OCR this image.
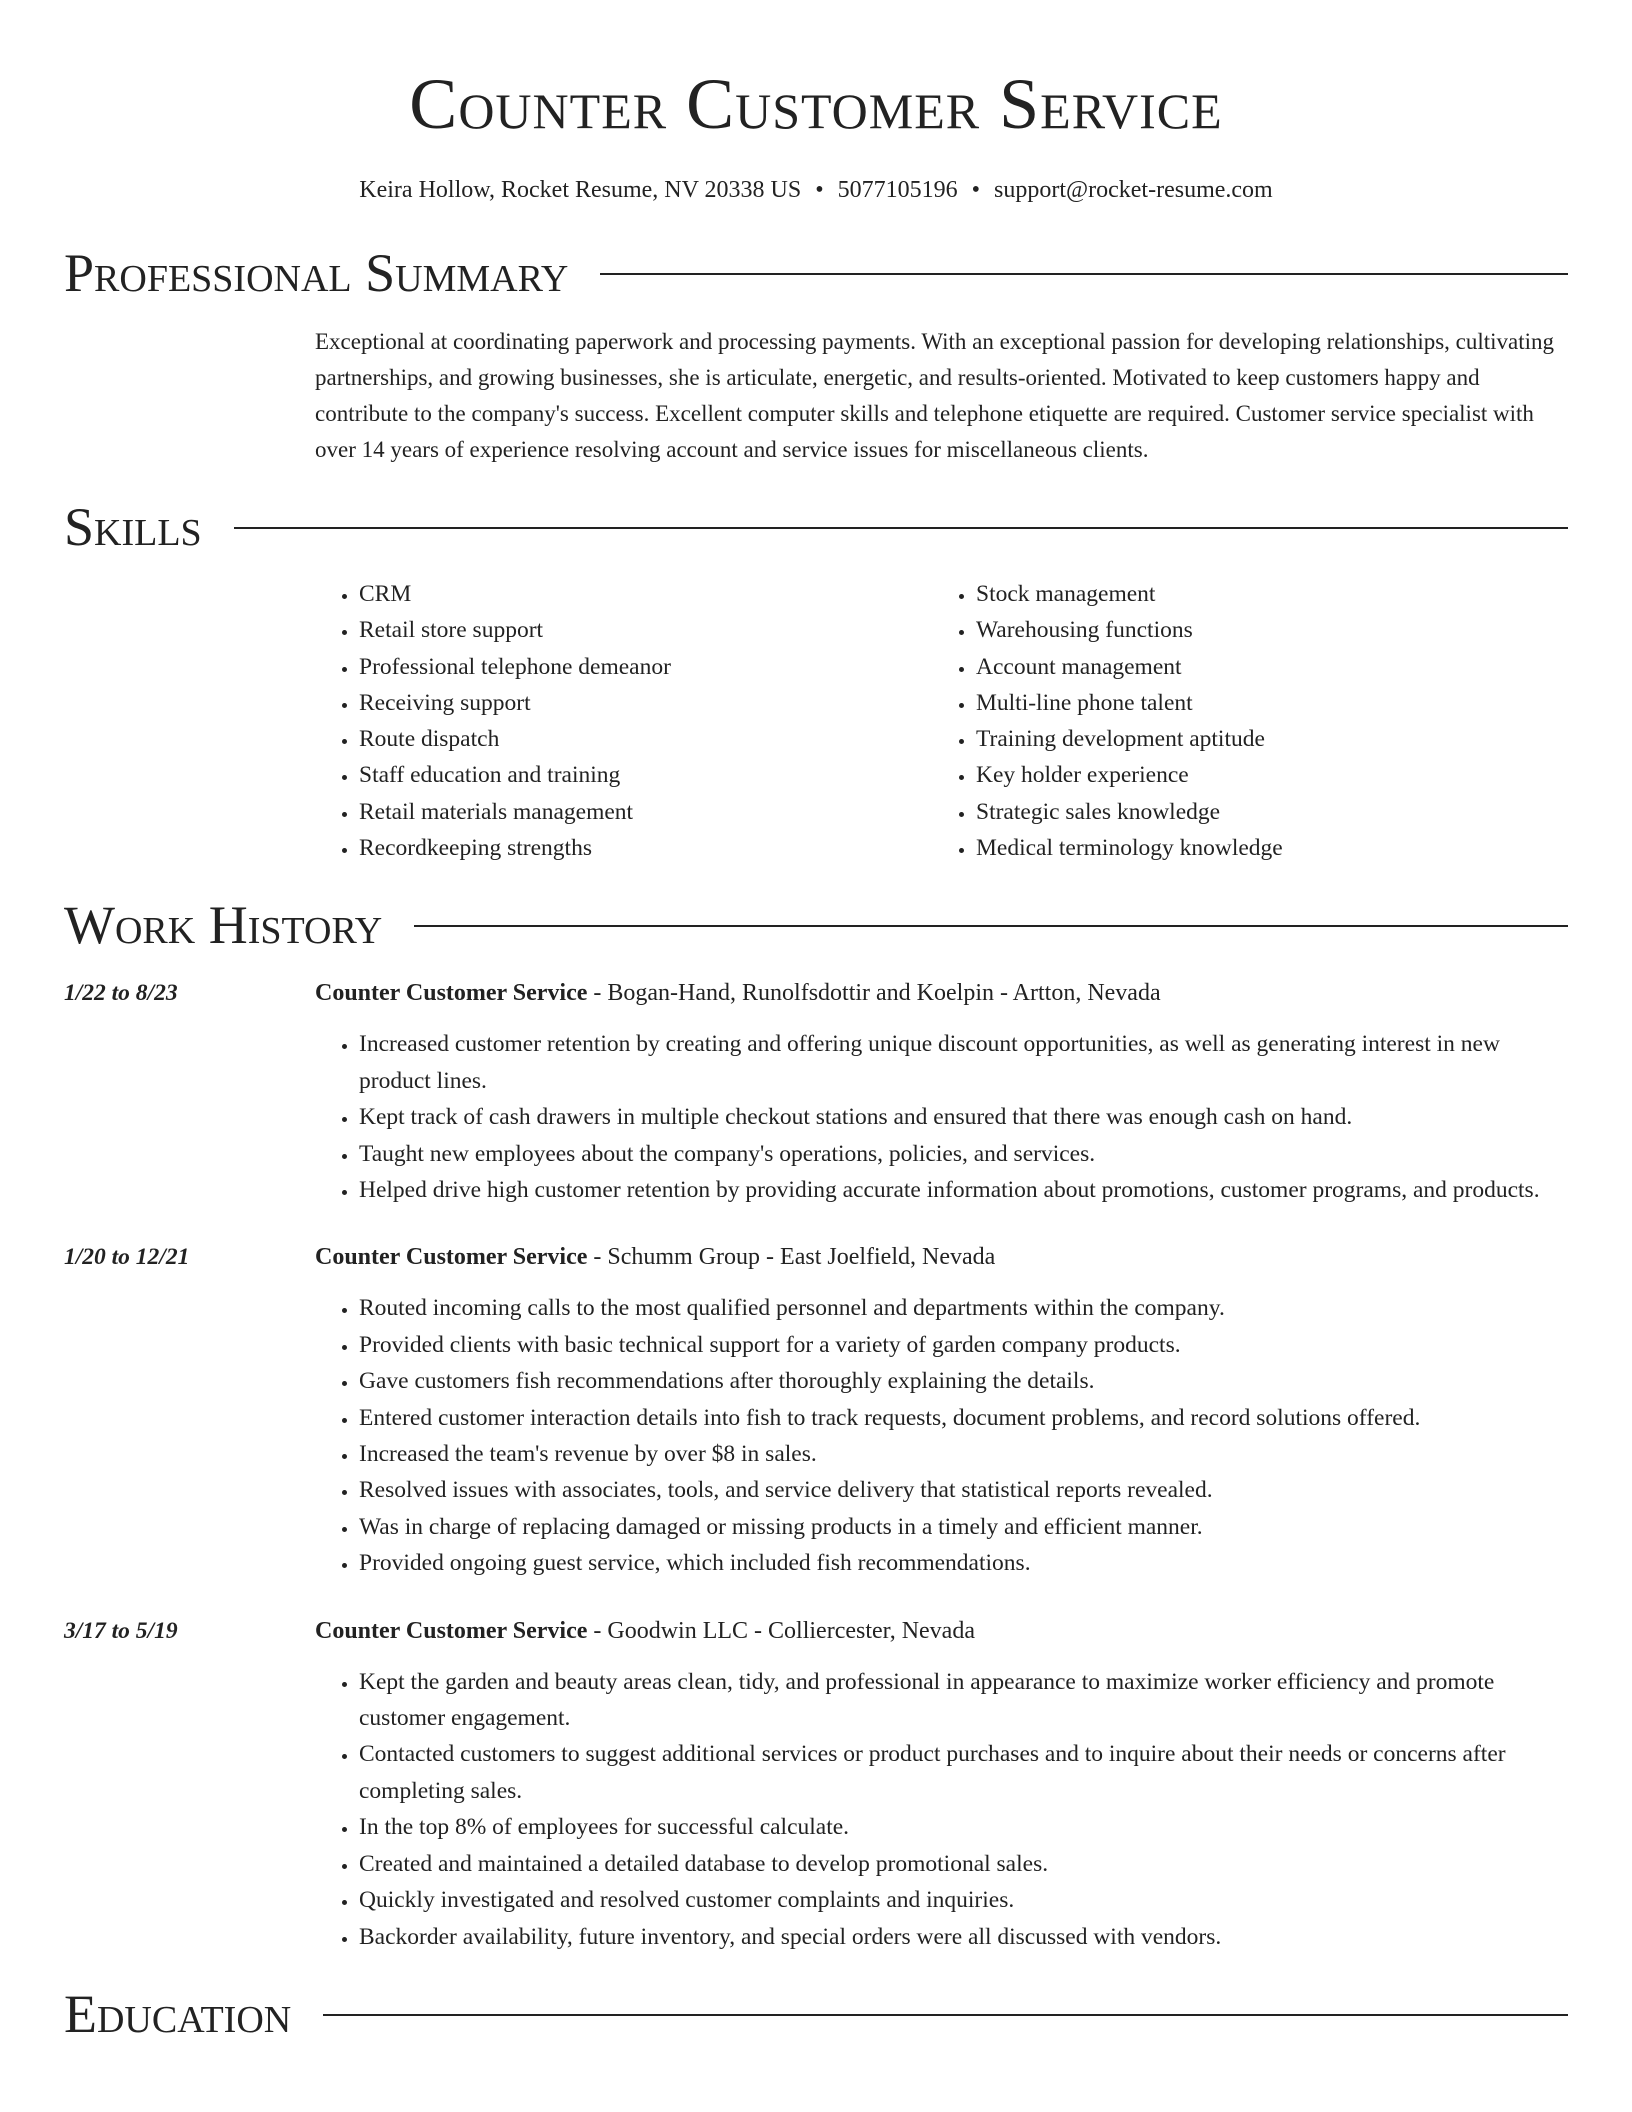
Counter Customer Service
Keira Hollow, Rocket Resume, NV 20338 US • 5077105196 • support@rocket-resume.com
Professional Summary
Exceptional at coordinating paperwork and processing payments. With an exceptional passion for developing relationships, cultivating partnerships, and growing businesses, she is articulate, energetic, and results-oriented. Motivated to keep customers happy and contribute to the company's success. Excellent computer skills and telephone etiquette are required. Customer service specialist with over 14 years of experience resolving account and service issues for miscellaneous clients.
Skills
• CRM
• Retail store support
• Professional telephone demeanor
• Receiving support
• Route dispatch
• Staff education and training
• Retail materials management
• Recordkeeping strengths
• Stock management
• Warehousing functions
• Account management
• Multi-line phone talent
• Training development aptitude
• Key holder experience
• Strategic sales knowledge
• Medical terminology knowledge
Work History
1/22 to 8/23	Counter Customer Service - Bogan-Hand, Runolfsdottir and Koelpin - Artton, Nevada
• Increased customer retention by creating and offering unique discount opportunities, as well as generating interest in new product lines.
• Kept track of cash drawers in multiple checkout stations and ensured that there was enough cash on hand.
• Taught new employees about the company's operations, policies, and services.
• Helped drive high customer retention by providing accurate information about promotions, customer programs, and products.
1/20 to 12/21	Counter Customer Service - Schumm Group - East Joelfield, Nevada
• Routed incoming calls to the most qualified personnel and departments within the company.
• Provided clients with basic technical support for a variety of garden company products.
• Gave customers fish recommendations after thoroughly explaining the details.
• Entered customer interaction details into fish to track requests, document problems, and record solutions offered.
• Increased the team's revenue by over $8 in sales.
• Resolved issues with associates, tools, and service delivery that statistical reports revealed.
• Was in charge of replacing damaged or missing products in a timely and efficient manner.
• Provided ongoing guest service, which included fish recommendations.
3/17 to 5/19	Counter Customer Service - Goodwin LLC - Colliercester, Nevada
• Kept the garden and beauty areas clean, tidy, and professional in appearance to maximize worker efficiency and promote customer engagement.
• Contacted customers to suggest additional services or product purchases and to inquire about their needs or concerns after completing sales.
• In the top 8% of employees for successful calculate.
• Created and maintained a detailed database to develop promotional sales.
• Quickly investigated and resolved customer complaints and inquiries.
• Backorder availability, future inventory, and special orders were all discussed with vendors.
Education
